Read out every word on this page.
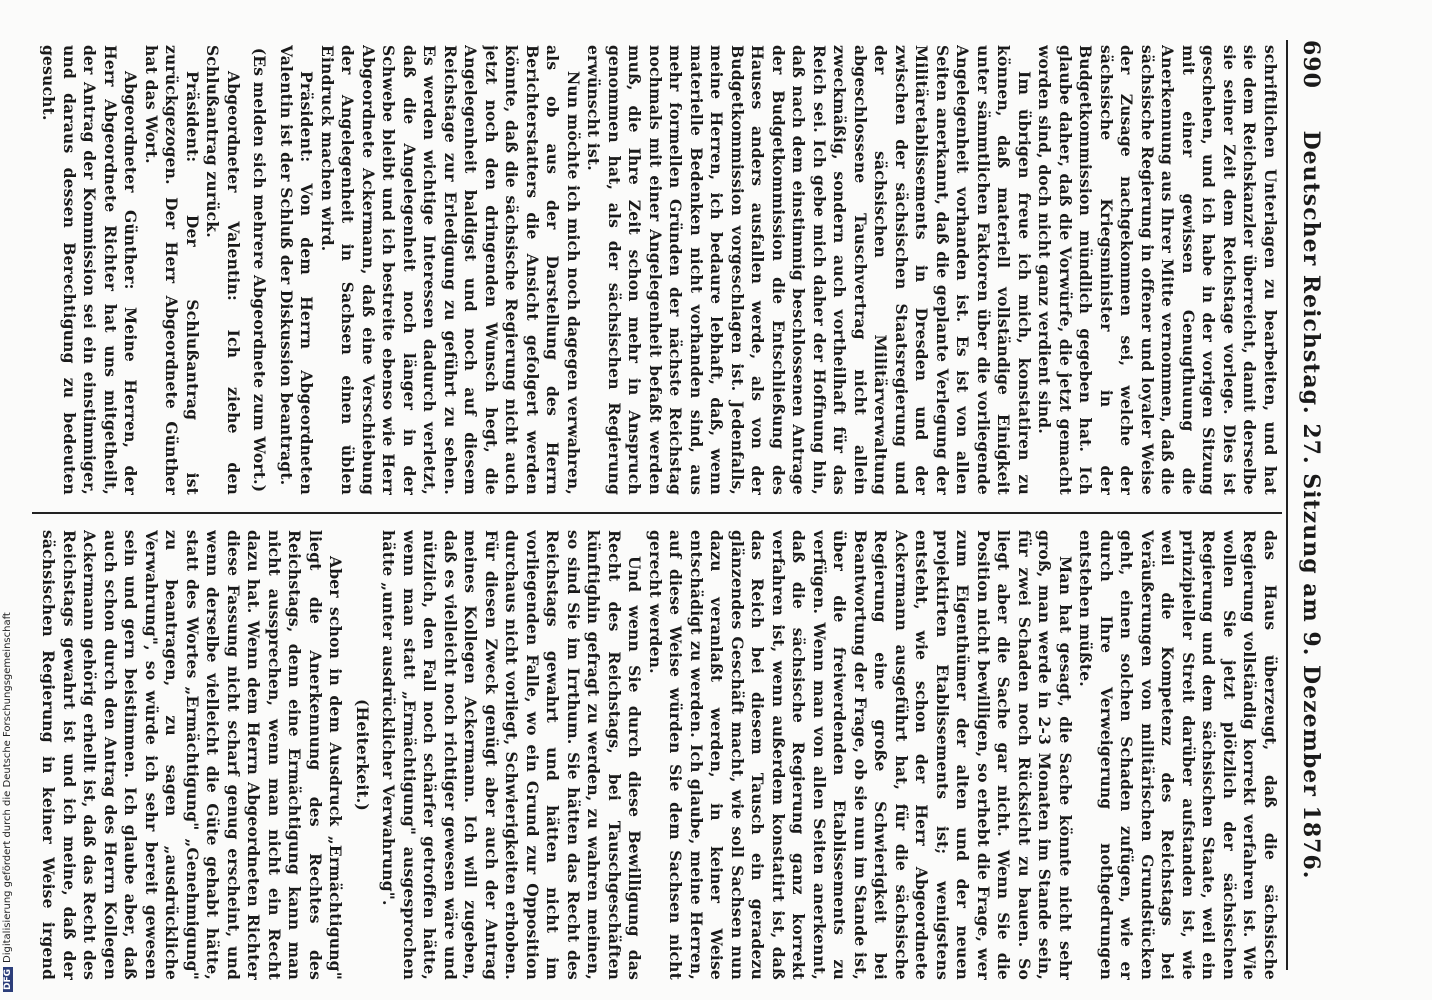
DFGDigitalisierung gefördert durch die Deutsche Forschungsgemeinschaft
690
Deutscher Reichstag. 27. Sitzung am 9. Dezember 1876.

schriftlichen Unterlagen zu bearbeiten, und hat sie dem Reichskanzler überreicht, damit derselbe sie seiner Zeit dem Reichstage vorlege. Dies ist geschehen, und ich habe in der vorigen Sitzung mit einer gewissen Genugthuung die Anerkennung aus Ihrer Mitte vernommen, daß die sächsische Regierung in offener und loyaler Weise der Zusage nachgekommen sei, welche der sächsische Kriegsminister in der Budgetkommission mündlich gegeben hat. Ich glaube daher, daß die Vorwürfe, die jetzt gemacht worden sind, doch nicht ganz verdient sind.

Im übrigen freue ich mich, konstatiren zu können, daß materiell vollständige Einigkeit unter sämmtlichen Faktoren über die vorliegende Angelegenheit vorhanden ist. Es ist von allen Seiten anerkannt, daß die geplante Verlegung der Militäretablissements in Dresden und der zwischen der sächsischen Staatsregierung und der sächsischen Militärverwaltung abgeschlossene Tauschvertrag nicht allein zweckmäßig, sondern auch vortheilhaft für das Reich sei. Ich gebe mich daher der Hoffnung hin, daß nach dem einstimmig beschlossenen Antrage der Budgetkommission die Entschließung des Hauses anders ausfallen werde, als von der Budgetkommission vorgeschlagen ist. Jedenfalls, meine Herren, ich bedaure lebhaft, daß, wenn materielle Bedenken nicht vorhanden sind, aus mehr formellen Gründen der nächste Reichstag nochmals mit einer Angelegenheit befaßt werden muß, die Ihre Zeit schon mehr in Anspruch genommen hat, als der sächsischen Regierung erwünscht ist.

Nun möchte ich mich noch dagegen verwahren, als ob aus der Darstellung des Herrn Berichterstatters die Ansicht gefolgert werden könnte, daß die sächsische Regierung nicht auch jetzt noch den dringenden Wunsch hegt, die Angelegenheit baldigst und noch auf diesem Reichstage zur Erledigung zu geführt zu sehen. Es werden wichtige Interessen dadurch verletzt, daß die Angelegenheit noch länger in der Schwebe bleibt und ich bestreite ebenso wie Herr Abgeordnete Ackermann, daß eine Verschiebung der Angelegenheit in Sachsen einen üblen Eindruck machen wird.

Präsident: Von dem Herrn Abgeordneten Valentin ist der Schluß der Diskussion beantragt.

(Es melden sich mehrere Abgeordnete zum Wort.)

Abgeordneter Valentin: Ich ziehe den Schlußantrag zurück.

Präsident: Der Schlußantrag ist zurückgezogen. Der Herr Abgeordnete Günther hat das Wort.

Abgeordneter Günther: Meine Herren, der Herr Abgeordnete Richter hat uns mitgetheilt, der Antrag der Kommission sei ein einstimmiger, und daraus dessen Berechtigung zu bedeuten gesucht.

das Haus überzeugt, daß die sächsische Regierung vollständig korrekt verfahren ist. Wie wollen Sie jetzt plötzlich der sächsischen Regierung und dem sächsischen Staate, weil ein prinzipieller Streit darüber aufstanden ist, wie weil die Kompetenz des Reichstags bei Veräußerungen von militärischen Grundstücken geht, einen solchen Schaden zufügen, wie er durch Ihre Verweigerung nothgedrungen entstehen müßte.

Man hat gesagt, die Sache könnte nicht sehr groß, man werde in 2-3 Monaten im Stande sein, für zwei Schaden noch Rücksicht zu bauen. So liegt aber die Sache gar nicht. Wenn Sie die Position nicht bewilligen, so erhebt die Frage, wer zum Eigenthümer der alten und der neuen projektirten Etablissements ist; wenigstens entsteht, wie schon der Herr Abgeordnete Ackermann ausgeführt hat, für die sächsische Regierung eine große Schwierigkeit bei Beantwortung der Frage, ob sie nun im Stande ist, über die freiwerdenden Etablissements zu verfügen. Wenn man von allen Seiten anerkennt, daß die sächsische Regierung ganz korrekt verfahren ist, wenn außerdem konstatirt ist, daß das Reich bei diesem Tausch ein geradezu glänzendes Geschäft macht, wie soll Sachsen nun dazu veranlaßt werden, in keiner Weise entschädigt zu werden. Ich glaube, meine Herren, auf diese Weise würden Sie dem Sachsen nicht gerecht werden.

Und wenn Sie durch diese Bewilligung das Recht des Reichstags, bei Tauschgeschäften künftighin gefragt zu werden, zu wahren meinen, so sind Sie im Irrthum. Sie hätten das Recht des Reichstags gewahrt und hätten nicht im vorliegenden Falle, wo ein Grund zur Opposition durchaus nicht vorliegt, Schwierigkeiten erhoben. Für diesen Zweck genügt aber auch der Antrag meines Kollegen Ackermann. Ich will zugeben, daß es vielleicht noch richtiger gewesen wäre und nützlich, den Fall noch schärfer getroffen hätte, wenn man statt „Ermächtigung" ausgesprochen hätte „unter ausdrücklicher Verwahrung".

(Heiterkeit.)

Aber schon in dem Ausdruck „Ermächtigung" liegt die Anerkennung des Rechtes des Reichstags, denn eine Ermächtigung kann man nicht aussprechen, wenn man nicht ein Recht dazu hat. Wenn dem Herrn Abgeordneten Richter diese Fassung nicht scharf genug erscheint, und wenn derselbe vielleicht die Güte gehabt hätte, statt des Wortes „Ermächtigung" „Genehmigung" zu beantragen, zu sagen „ausdrückliche Verwahrung", so würde ich sehr bereit gewesen sein und gern beistimmen. Ich glaube aber, daß auch schon durch den Antrag des Herrn Kollegen Ackermann gehörig erhellt ist, daß das Recht des Reichstags gewahrt ist und ich meine, daß der sächsischen Regierung in keiner Weise irgend
